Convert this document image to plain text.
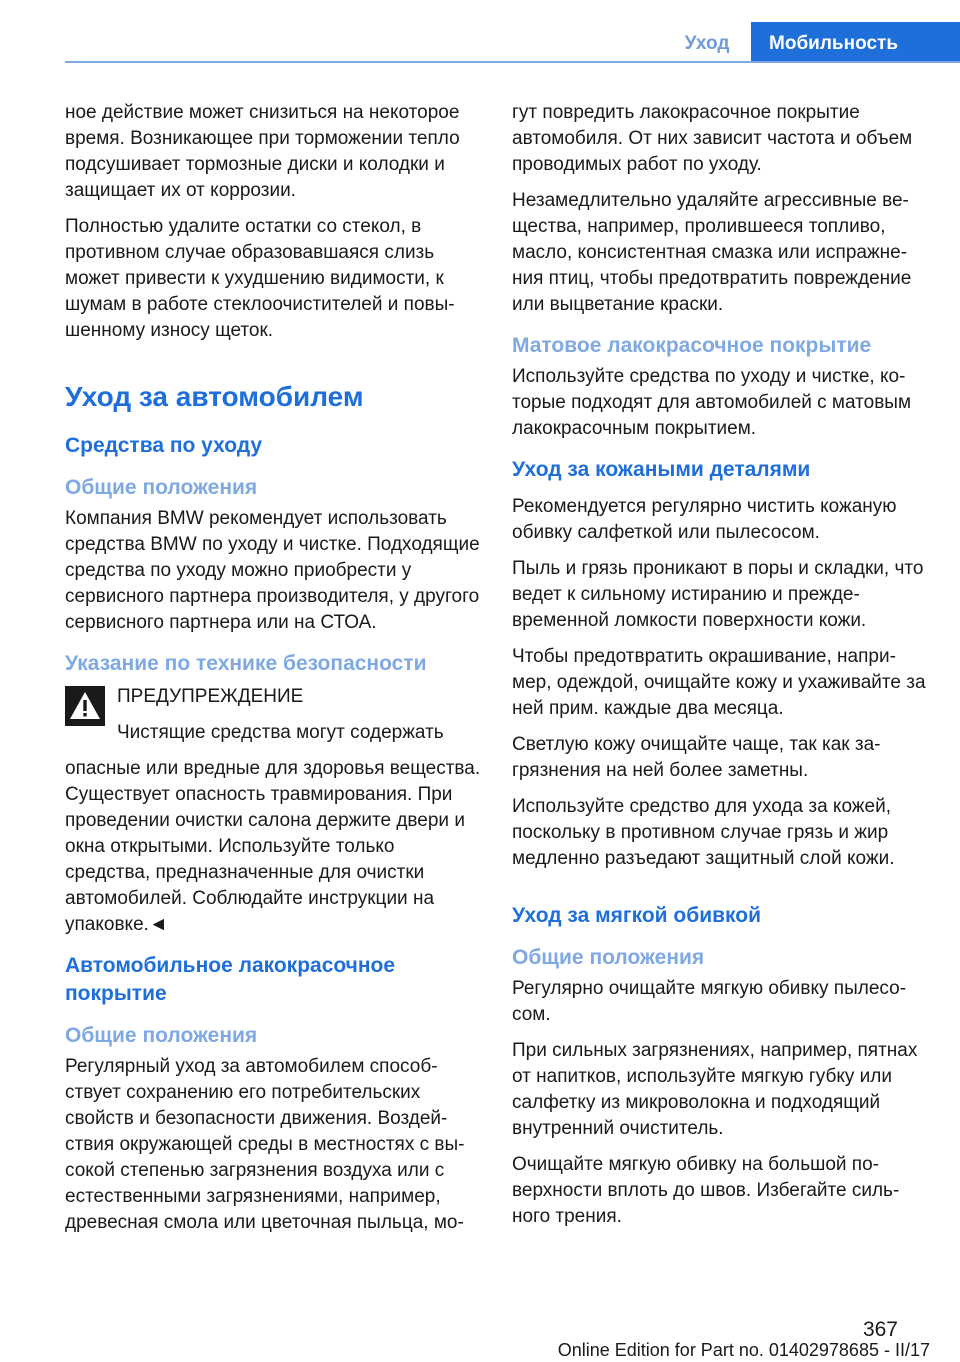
Уход	Мобильность

ное действие может снизиться на некоторое время. Возникающее при торможении тепло подсушивает тормозные диски и колодки и защищает их от коррозии.

Полностью удалите остатки со стекол, в противном случае образовавшаяся слизь может привести к ухудшению видимости, к шумам в работе стеклоочистителей и повышенному износу щеток.

Уход за автомобилем
Средства по уходу
Общие положения

Компания BMW рекомендует использовать средства BMW по уходу и чистке. Подходящие средства по уходу можно приобрести у сервисного партнера производителя, у другого сервисного партнера или на СТОА.

Указание по технике безопасности

ПРЕДУПРЕЖДЕНИЕ

Чистящие средства могут содержать

опасные или вредные для здоровья вещества. Существует опасность травмирования. При проведении очистки салона держите двери и окна открытыми. Используйте только средства, предназначенные для очистки автомобилей. Соблюдайте инструкции на упаковке.◄

Автомобильное лакокрасочное покрытие
Общие положения

Регулярный уход за автомобилем способствует сохранению его потребительских свойств и безопасности движения. Воздействия окружающей среды в местностях с высокой степенью загрязнения воздуха или с естественными загрязнениями, например, древесная смола или цветочная пыльца, мо-

гут повредить лакокрасочное покрытие автомобиля. От них зависит частота и объем проводимых работ по уходу.

Незамедлительно удаляйте агрессивные вещества, например, пролившееся топливо, масло, консистентная смазка или испражнения птиц, чтобы предотвратить повреждение или выцветание краски.

Матовое лакокрасочное покрытие

Используйте средства по уходу и чистке, которые подходят для автомобилей с матовым лакокрасочным покрытием.

Уход за кожаными деталями

Рекомендуется регулярно чистить кожаную обивку салфеткой или пылесосом.

Пыль и грязь проникают в поры и складки, что ведет к сильному истиранию и преждевременной ломкости поверхности кожи.

Чтобы предотвратить окрашивание, например, одеждой, очищайте кожу и ухаживайте за ней прим. каждые два месяца.

Светлую кожу очищайте чаще, так как загрязнения на ней более заметны.

Используйте средство для ухода за кожей, поскольку в противном случае грязь и жир медленно разъедают защитный слой кожи.

Уход за мягкой обивкой
Общие положения

Регулярно очищайте мягкую обивку пылесосом.

При сильных загрязнениях, например, пятнах от напитков, используйте мягкую губку или салфетку из микроволокна и подходящий внутренний очиститель.

Очищайте мягкую обивку на большой поверхности вплоть до швов. Избегайте сильного трения.

367
Online Edition for Part no. 01402978685 - II/17
